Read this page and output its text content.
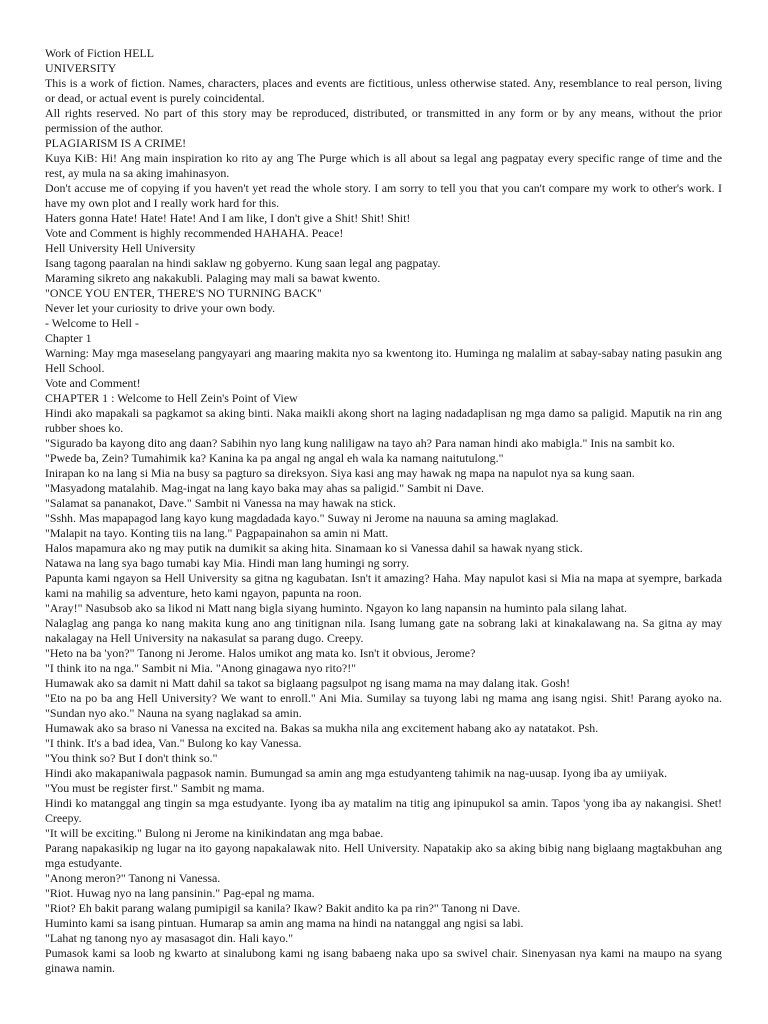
Work of Fiction HELL

UNIVERSITY

This is a work of fiction. Names, characters, places and events are fictitious, unless otherwise stated. Any, resemblance to real person, living or dead, or actual event is purely coincidental.

All rights reserved. No part of this story may be reproduced, distributed, or transmitted in any form or by any means, without the prior permission of the author.

PLAGIARISM IS A CRIME!

Kuya KiB: Hi! Ang main inspiration ko rito ay ang The Purge which is all about sa legal ang pagpatay every specific range of time and the rest, ay mula na sa aking imahinasyon.

Don't accuse me of copying if you haven't yet read the whole story. I am sorry to tell you that you can't compare my work to other's work. I have my own plot and I really work hard for this.

Haters gonna Hate! Hate! Hate! And I am like, I don't give a Shit! Shit! Shit!

Vote and Comment is highly recommended HAHAHA. Peace!

Hell University Hell University

Isang tagong paaralan na hindi saklaw ng gobyerno. Kung saan legal ang pagpatay.

Maraming sikreto ang nakakubli. Palaging may mali sa bawat kwento.

"ONCE YOU ENTER, THERE'S NO TURNING BACK"

Never let your curiosity to drive your own body.

- Welcome to Hell -

Chapter 1

Warning: May mga maseselang pangyayari ang maaring makita nyo sa kwentong ito. Huminga ng malalim at sabay-sabay nating pasukin ang Hell School.

Vote and Comment!

CHAPTER 1 : Welcome to Hell Zein's Point of View

Hindi ako mapakali sa pagkamot sa aking binti. Naka maikli akong short na laging nadadaplisan ng mga damo sa paligid. Maputik na rin ang rubber shoes ko.

"Sigurado ba kayong dito ang daan? Sabihin nyo lang kung naliligaw na tayo ah? Para naman hindi ako mabigla." Inis na sambit ko.

"Pwede ba, Zein? Tumahimik ka? Kanina ka pa angal ng angal eh wala ka namang naitutulong."

Inirapan ko na lang si Mia na busy sa pagturo sa direksyon. Siya kasi ang may hawak ng mapa na napulot nya sa kung saan.

"Masyadong matalahib. Mag-ingat na lang kayo baka may ahas sa paligid." Sambit ni Dave.

"Salamat sa pananakot, Dave." Sambit ni Vanessa na may hawak na stick.

"Sshh. Mas mapapagod lang kayo kung magdadada kayo." Suway ni Jerome na nauuna sa aming maglakad.

"Malapit na tayo. Konting tiis na lang." Pagpapainahon sa amin ni Matt.

Halos mapamura ako ng may putik na dumikit sa aking hita. Sinamaan ko si Vanessa dahil sa hawak nyang stick.

Natawa na lang sya bago tumabi kay Mia. Hindi man lang humingi ng sorry.

Papunta kami ngayon sa Hell University sa gitna ng kagubatan. Isn't it amazing? Haha. May napulot kasi si Mia na mapa at syempre, barkada kami na mahilig sa adventure, heto kami ngayon, papunta na roon.

"Aray!" Nasubsob ako sa likod ni Matt nang bigla siyang huminto. Ngayon ko lang napansin na huminto pala silang lahat.

Nalaglag ang panga ko nang makita kung ano ang tinitignan nila. Isang lumang gate na sobrang laki at kinakalawang na. Sa gitna ay may nakalagay na Hell University na nakasulat sa parang dugo. Creepy.

"Heto na ba 'yon?" Tanong ni Jerome. Halos umikot ang mata ko. Isn't it obvious, Jerome?

"I think ito na nga." Sambit ni Mia. "Anong ginagawa nyo rito?!"

Humawak ako sa damit ni Matt dahil sa takot sa biglaang pagsulpot ng isang mama na may dalang itak. Gosh!

"Eto na po ba ang Hell University? We want to enroll." Ani Mia. Sumilay sa tuyong labi ng mama ang isang ngisi. Shit! Parang ayoko na. "Sundan nyo ako." Nauna na syang naglakad sa amin.

Humawak ako sa braso ni Vanessa na excited na. Bakas sa mukha nila ang excitement habang ako ay natatakot. Psh.

"I think. It's a bad idea, Van." Bulong ko kay Vanessa.

"You think so? But I don't think so."

Hindi ako makapaniwala pagpasok namin. Bumungad sa amin ang mga estudyanteng tahimik na nag-uusap. Iyong iba ay umiiyak.

"You must be register first." Sambit ng mama.

Hindi ko matanggal ang tingin sa mga estudyante. Iyong iba ay matalim na titig ang ipinupukol sa amin. Tapos 'yong iba ay nakangisi. Shet! Creepy.

"It will be exciting." Bulong ni Jerome na kinikindatan ang mga babae.

Parang napakasikip ng lugar na ito gayong napakalawak nito. Hell University. Napatakip ako sa aking bibig nang biglaang magtakbuhan ang mga estudyante.

"Anong meron?" Tanong ni Vanessa.

"Riot. Huwag nyo na lang pansinin." Pag-epal ng mama.

"Riot? Eh bakit parang walang pumipigil sa kanila? Ikaw? Bakit andito ka pa rin?" Tanong ni Dave.

Huminto kami sa isang pintuan. Humarap sa amin ang mama na hindi na natanggal ang ngisi sa labi.

"Lahat ng tanong nyo ay masasagot din. Hali kayo."

Pumasok kami sa loob ng kwarto at sinalubong kami ng isang babaeng naka upo sa swivel chair. Sinenyasan nya kami na maupo na syang ginawa namin.
